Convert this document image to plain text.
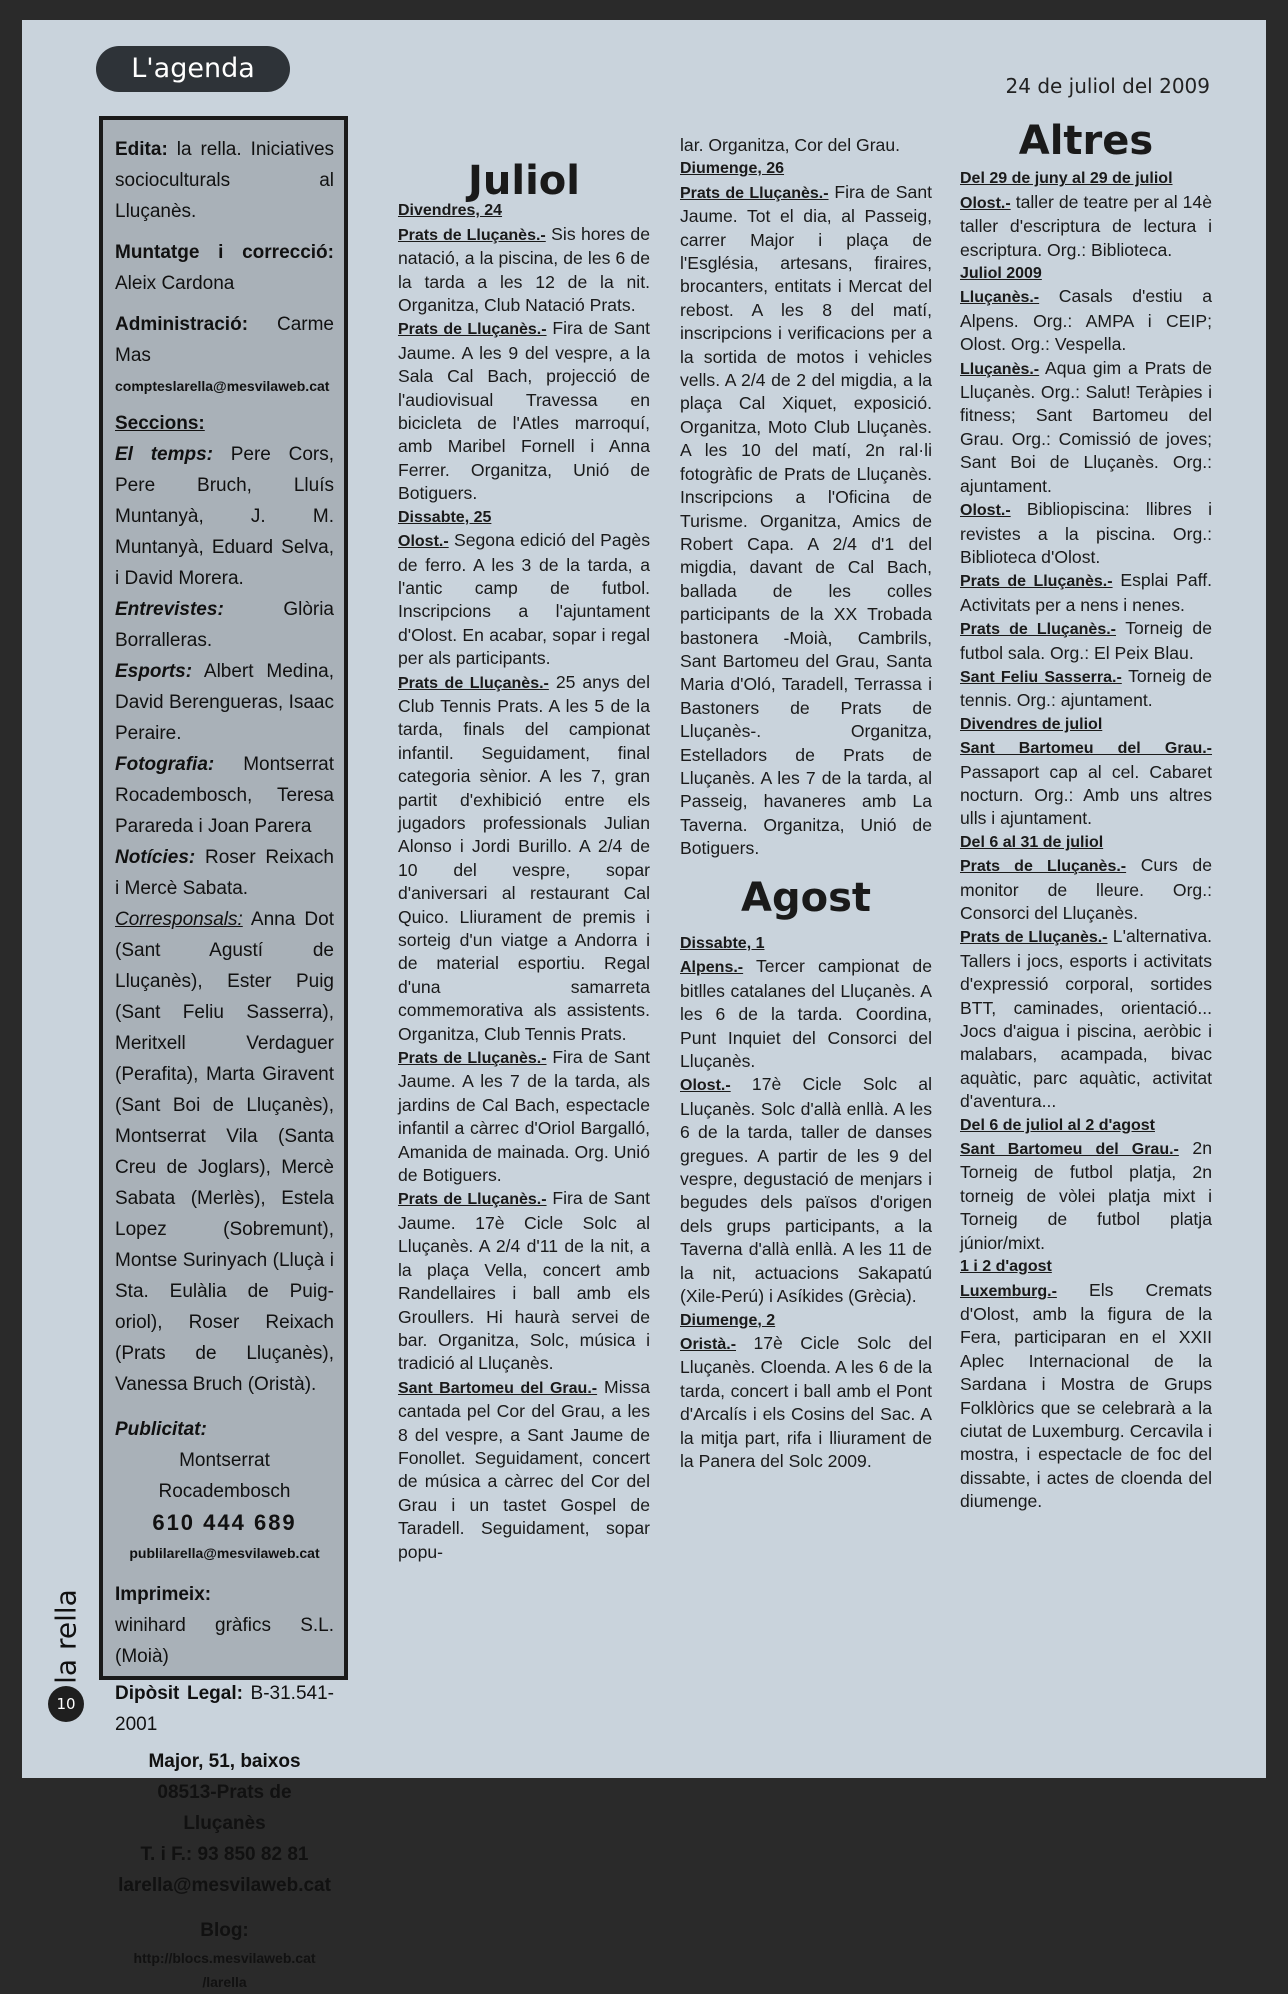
L'agenda
24 de juliol del 2009

Edita: la rella. Iniciatives socioculturals al Lluçanès.

Muntatge i correcció: Aleix Cardona

Administració: Carme Mas

compteslarella@mesvilaweb.cat

Seccions:

El temps: Pere Cors, Pere Bruch, Lluís Muntanyà, J. M. Muntanyà, Eduard Selva, i David Morera.

Entrevistes:	Glòria Borralleras.

Esports: Albert Medina, David Berengueras, Isaac Peraire.

Fotografia: Montserrat Rocadembosch, Teresa Parareda i Joan Parera

Notícies: Roser Reixach i Mercè Sabata.

Corresponsals: Anna Dot (Sant Agustí de Lluçanès), Ester Puig (Sant Feliu Sasserra), Meritxell Verdaguer (Perafita), Marta Giravent (Sant Boi de Lluçanès), Montserrat Vila (Santa Creu de Joglars), Mercè Sabata (Merlès), Estela Lopez (Sobremunt), Montse Surinyach (Lluçà i Sta. Eulàlia de Puig-oriol), Roser Reixach (Prats de Lluçanès), Vanessa Bruch (Oristà).

Publicitat:

Montserrat Rocadembosch

610 444 689

publilarella@mesvilaweb.cat

Imprimeix:

winihard gràfics S.L. (Moià)

Dipòsit Legal: B-31.541-2001

Major, 51, baixos

08513-Prats de Lluçanès

T. i F.: 93 850 82 81

larella@mesvilaweb.cat

Blog:

http://blocs.mesvilaweb.cat

/larella

la rella
10
Juliol
Divendres, 24

Prats de Lluçanès.- Sis hores de natació, a la piscina, de les 6 de la tarda a les 12 de la nit. Organitza, Club Natació Prats.

Prats de Lluçanès.- Fira de Sant Jaume. A les 9 del vespre, a la Sala Cal Bach, projecció de l'audiovisual Travessa en bicicleta de l'Atles marroquí, amb Maribel Fornell i Anna Ferrer. Organitza, Unió de Botiguers.

Dissabte, 25

Olost.- Segona edició del Pagès de ferro. A les 3 de la tarda, a l'antic camp de futbol. Inscripcions a l'ajuntament d'Olost. En acabar, sopar i regal per als participants.

Prats de Lluçanès.- 25 anys del Club Tennis Prats. A les 5 de la tarda, finals del campionat infantil. Seguidament, final categoria sènior. A les 7, gran partit d'exhibició entre els jugadors professionals Julian Alonso i Jordi Burillo. A 2/4 de 10 del vespre, sopar d'aniversari al restaurant Cal Quico. Lliurament de premis i sorteig d'un viatge a Andorra i de material esportiu. Regal d'una samarreta commemorativa als assistents. Organitza, Club Tennis Prats.

Prats de Lluçanès.- Fira de Sant Jaume. A les 7 de la tarda, als jardins de Cal Bach, espectacle infantil a càrrec d'Oriol Bargalló, Amanida de mainada. Org. Unió de Botiguers.

Prats de Lluçanès.- Fira de Sant Jaume. 17è Cicle Solc al Lluçanès. A 2/4 d'11 de la nit, a la plaça Vella, concert amb Randellaires i ball amb els Groullers. Hi haurà servei de bar. Organitza, Solc, música i tradició al Lluçanès.

Sant Bartomeu del Grau.- Missa cantada pel Cor del Grau, a les 8 del vespre, a Sant Jaume de Fonollet. Seguidament, concert de música a càrrec del Cor del Grau i un tastet Gospel de Taradell. Seguidament, sopar popu-

lar. Organitza, Cor del Grau.

Diumenge, 26

Prats de Lluçanès.- Fira de Sant Jaume. Tot el dia, al Passeig, carrer Major i plaça de l'Església, artesans, firaires, brocanters, entitats i Mercat del rebost. A les 8 del matí, inscripcions i verificacions per a la sortida de motos i vehicles vells. A 2/4 de 2 del migdia, a la plaça Cal Xiquet, exposició. Organitza, Moto Club Lluçanès. A les 10 del matí, 2n ral·li fotogràfic de Prats de Lluçanès. Inscripcions a l'Oficina de Turisme. Organitza, Amics de Robert Capa. A 2/4 d'1 del migdia, davant de Cal Bach, ballada de les colles participants de la XX Trobada bastonera -Moià, Cambrils, Sant Bartomeu del Grau, Santa Maria d'Oló, Taradell, Terrassa i Bastoners de Prats de Lluçanès-. Organitza, Estelladors de Prats de Lluçanès. A les 7 de la tarda, al Passeig, havaneres amb La Taverna. Organitza, Unió de Botiguers.

Agost
Dissabte, 1

Alpens.- Tercer campionat de bitlles catalanes del Lluçanès. A les 6 de la tarda. Coordina, Punt Inquiet del Consorci del Lluçanès.

Olost.- 17è Cicle Solc al Lluçanès. Solc d'allà enllà. A les 6 de la tarda, taller de danses gregues. A partir de les 9 del vespre, degustació de menjars i begudes dels països d'origen dels grups participants, a la Taverna d'allà enllà. A les 11 de la nit, actuacions Sakapatú (Xile-Perú) i Asíkides (Grècia).

Diumenge, 2

Oristà.- 17è Cicle Solc del Lluçanès. Cloenda. A les 6 de la tarda, concert i ball amb el Pont d'Arcalís i els Cosins del Sac. A la mitja part, rifa i lliurament de la Panera del Solc 2009.

Altres
Del 29 de juny al 29 de juliol

Olost.- taller de teatre per al 14è taller d'escriptura de lectura i escriptura. Org.: Biblioteca.

Juliol 2009

Lluçanès.- Casals d'estiu a Alpens. Org.: AMPA i CEIP; Olost. Org.: Vespella.

Lluçanès.- Aqua gim a Prats de Lluçanès. Org.: Salut! Teràpies i fitness; Sant Bartomeu del Grau. Org.: Comissió de joves; Sant Boi de Lluçanès. Org.: ajuntament.

Olost.- Bibliopiscina: llibres i revistes a la piscina. Org.: Biblioteca d'Olost.

Prats de Lluçanès.- Esplai Paff. Activitats per a nens i nenes.

Prats de Lluçanès.- Torneig de futbol sala. Org.: El Peix Blau.

Sant Feliu Sasserra.- Torneig de tennis. Org.: ajuntament.

Divendres de juliol

Sant Bartomeu del Grau.- Passaport cap al cel. Cabaret nocturn. Org.: Amb uns altres ulls i ajuntament.

Del 6 al 31 de juliol

Prats de Lluçanès.- Curs de monitor de lleure. Org.: Consorci del Lluçanès.

Prats de Lluçanès.- L'alternativa. Tallers i jocs, esports i activitats d'expressió corporal, sortides BTT, caminades, orientació... Jocs d'aigua i piscina, aeròbic i malabars, acampada, bivac aquàtic, parc aquàtic, activitat d'aventura...

Del 6 de juliol al 2 d'agost

Sant Bartomeu del Grau.- 2n Torneig de futbol platja, 2n torneig de vòlei platja mixt i Torneig de futbol platja júnior/mixt.

1 i 2 d'agost

Luxemburg.- Els Cremats d'Olost, amb la figura de la Fera, participaran en el XXII Aplec Internacional de la Sardana i Mostra de Grups Folklòrics que se celebrarà a la ciutat de Luxemburg. Cercavila i mostra, i espectacle de foc del dissabte, i actes de cloenda del diumenge.
